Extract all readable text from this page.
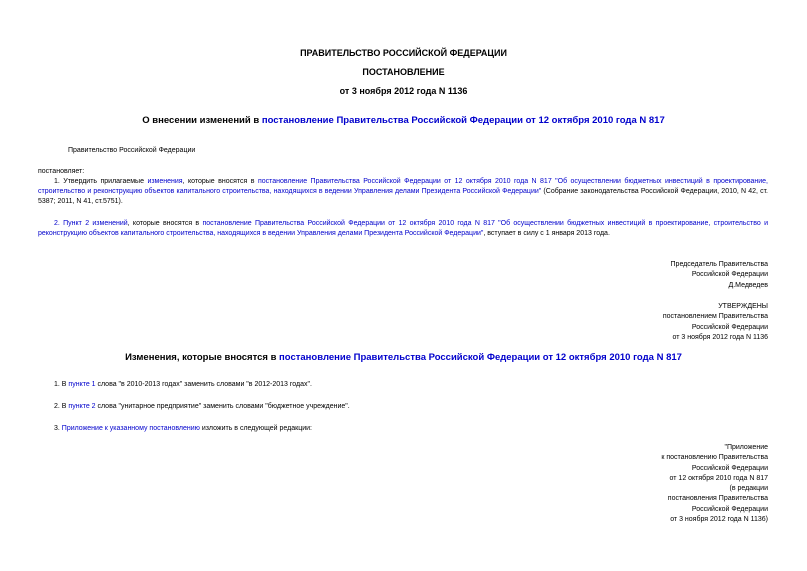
ПРАВИТЕЛЬСТВО РОССИЙСКОЙ ФЕДЕРАЦИИ
ПОСТАНОВЛЕНИЕ
от 3 ноября 2012 года N 1136
О внесении изменений в постановление Правительства Российской Федерации от 12 октября 2010 года N 817
Правительство Российской Федерации
постановляет:
1. Утвердить прилагаемые изменения, которые вносятся в постановление Правительства Российской Федерации от 12 октября 2010 года N 817 "Об осуществлении бюджетных инвестиций в проектирование, строительство и реконструкцию объектов капитального строительства, находящихся в ведении Управления делами Президента Российской Федерации" (Собрание законодательства Российской Федерации, 2010, N 42, ст. 5387; 2011, N 41, ст.5751).
2. Пункт 2 изменений, которые вносятся в постановление Правительства Российской Федерации от 12 октября 2010 года N 817 "Об осуществлении бюджетных инвестиций в проектирование, строительство и реконструкцию объектов капитального строительства, находящихся в ведении Управления делами Президента Российской Федерации", вступает в силу с 1 января 2013 года.
Председатель Правительства
Российской Федерации
Д.Медведев
УТВЕРЖДЕНЫ
постановлением Правительства
Российской Федерации
от 3 ноября 2012 года N 1136
Изменения, которые вносятся в постановление Правительства Российской Федерации от 12 октября 2010 года N 817
1. В пункте 1 слова "в 2010-2013 годах" заменить словами "в 2012-2013 годах".
2. В пункте 2 слова "унитарное предприятие" заменить словами "бюджетное учреждение".
3. Приложение к указанному постановлению изложить в следующей редакции:
"Приложение
к постановлению Правительства
Российской Федерации
от 12 октября 2010 года N 817
(в редакции
постановления Правительства
Российской Федерации
от 3 ноября 2012 года N 1136)
